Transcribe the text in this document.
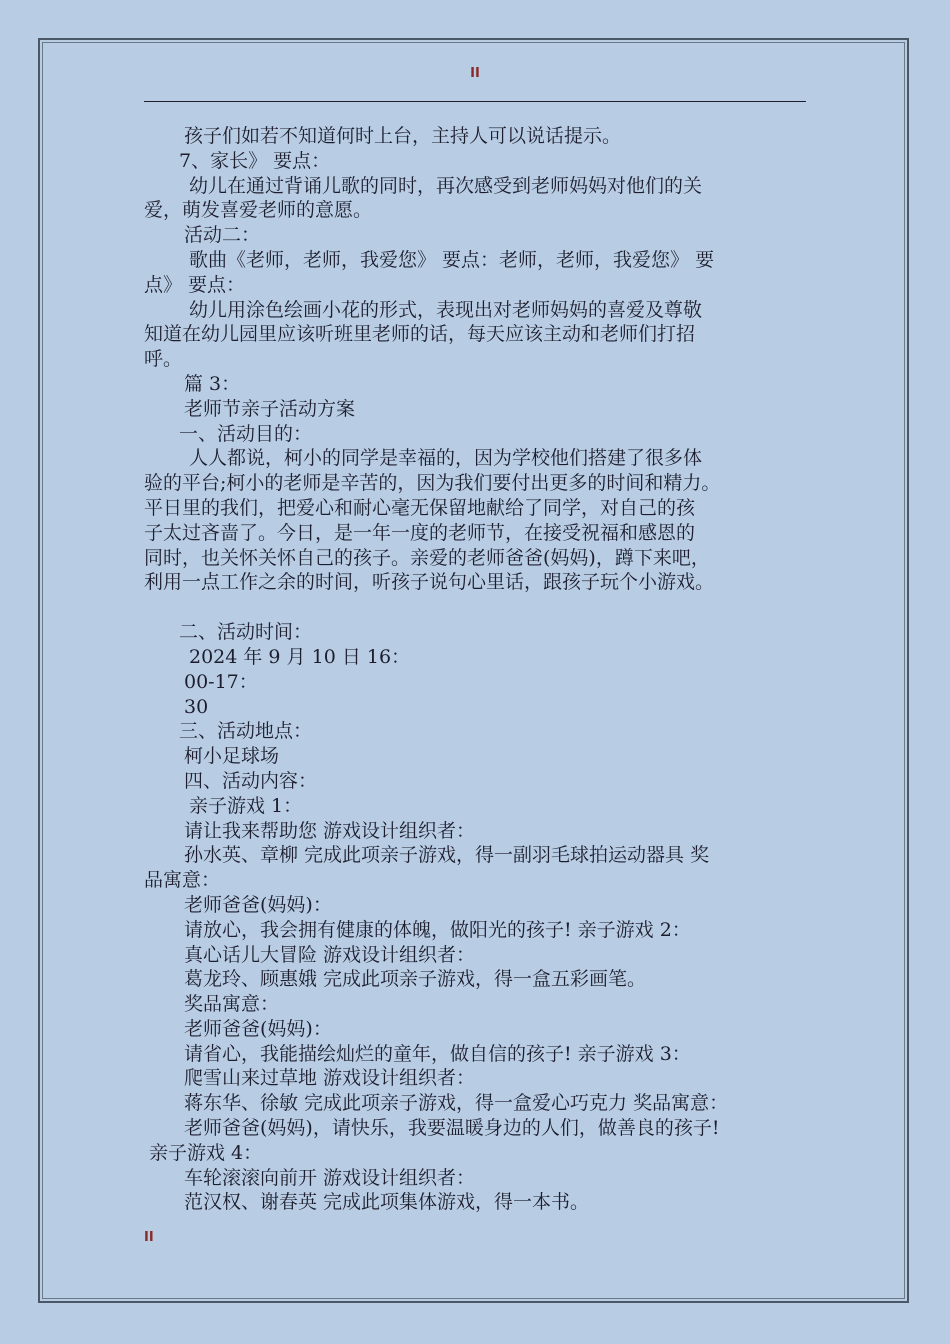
II

孩子们如若不知道何时上台，主持人可以说话提示。

7、家长》 要点：

幼儿在通过背诵儿歌的同时，再次感受到老师妈妈对他们的关

爱，萌发喜爱老师的意愿。

活动二：

歌曲《老师，老师，我爱您》 要点：老师，老师，我爱您》 要

点》 要点：

幼儿用涂色绘画小花的形式，表现出对老师妈妈的喜爱及尊敬

知道在幼儿园里应该听班里老师的话，每天应该主动和老师们打招

呼。

篇 3：

老师节亲子活动方案

一、活动目的：

人人都说，柯小的同学是幸福的，因为学校他们搭建了很多体

验的平台;柯小的老师是辛苦的，因为我们要付出更多的时间和精力。

平日里的我们，把爱心和耐心毫无保留地献给了同学，对自己的孩

子太过吝啬了。今日，是一年一度的老师节，在接受祝福和感恩的

同时，也关怀关怀自己的孩子。亲爱的老师爸爸(妈妈)，蹲下来吧，

利用一点工作之余的时间，听孩子说句心里话，跟孩子玩个小游戏。

二、活动时间：

2024 年 9 月 10 日 16：

00-17：

30

三、活动地点：

柯小足球场

四、活动内容：

亲子游戏 1：

请让我来帮助您 游戏设计组织者：

孙水英、章柳 完成此项亲子游戏，得一副羽毛球拍运动器具 奖

品寓意：

老师爸爸(妈妈)：

请放心，我会拥有健康的体魄，做阳光的孩子! 亲子游戏 2：

真心话儿大冒险 游戏设计组织者：

葛龙玲、顾惠娥 完成此项亲子游戏，得一盒五彩画笔。

奖品寓意：

老师爸爸(妈妈)：

请省心，我能描绘灿烂的童年，做自信的孩子! 亲子游戏 3：

爬雪山来过草地 游戏设计组织者：

蒋东华、徐敏 完成此项亲子游戏，得一盒爱心巧克力 奖品寓意：

老师爸爸(妈妈)，请快乐，我要温暖身边的人们，做善良的孩子!

亲子游戏 4：

车轮滚滚向前开 游戏设计组织者：

范汉权、谢春英 完成此项集体游戏，得一本书。

II
